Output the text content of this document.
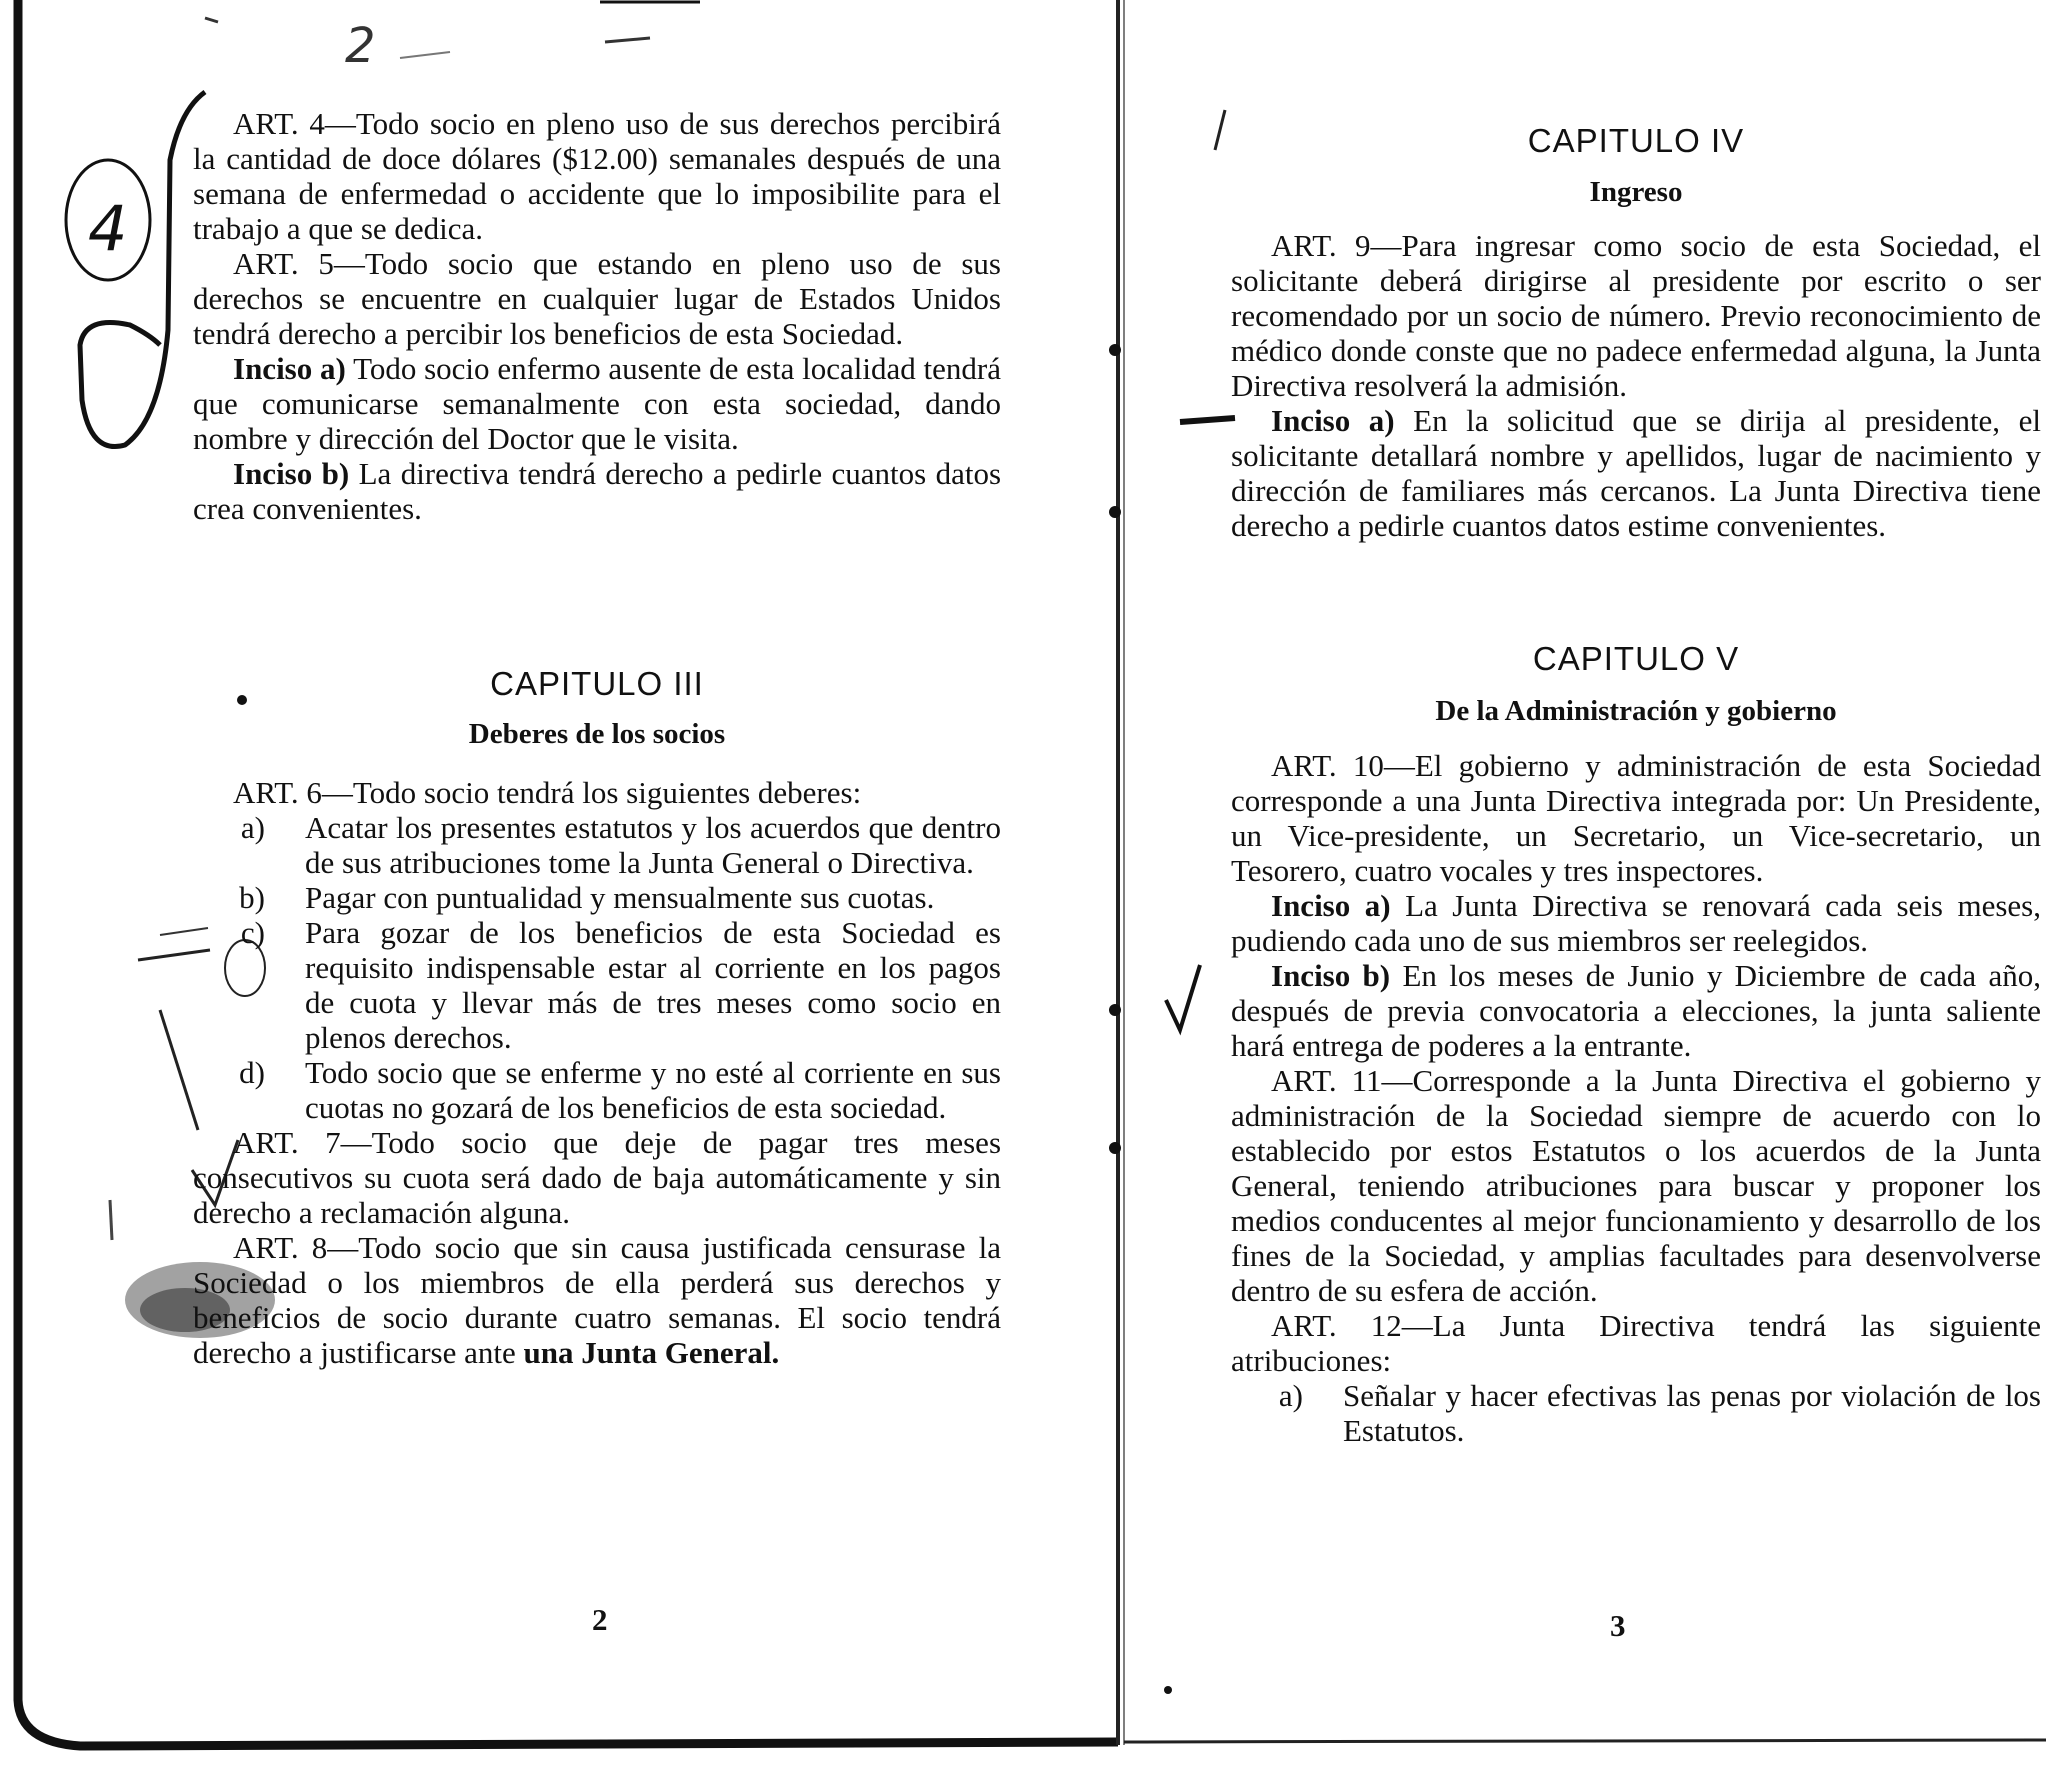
4
2

ART. 4—Todo socio en pleno uso de sus derechos percibirá la cantidad de doce dólares ($12.00) semanales después de una semana de enfermedad o accidente que lo imposibilite para el trabajo a que se dedica.

ART. 5—Todo socio que estando en pleno uso de sus derechos se encuentre en cualquier lugar de Estados Unidos tendrá derecho a percibir los beneficios de esta Sociedad.

Inciso a) Todo socio enfermo ausente de esta localidad tendrá que comunicarse semanalmente con esta sociedad, dando nombre y dirección del Doctor que le visita.

Inciso b) La directiva tendrá derecho a pedirle cuantos datos crea convenientes.

CAPITULO III

Deberes de los socios

ART. 6—Todo socio tendrá los siguientes deberes:

a)	Acatar los presentes estatutos y los acuerdos que dentro de sus atribuciones tome la Junta General o Directiva.
b)	Pagar con puntualidad y mensualmente sus cuotas.
c)	Para gozar de los beneficios de esta Sociedad es requisito indispensable estar al corriente en los pagos de cuota y llevar más de tres meses como socio en plenos derechos.
d)	Todo socio que se enferme y no esté al corriente en sus cuotas no gozará de los beneficios de esta sociedad.

ART. 7—Todo socio que deje de pagar tres meses consecutivos su cuota será dado de baja automáticamente y sin derecho a reclamación alguna.

ART. 8—Todo socio que sin causa justificada censurase la Sociedad o los miembros de ella perderá sus derechos y beneficios de socio durante cuatro semanas. El socio tendrá derecho a justificarse ante una Junta General.

2

CAPITULO IV

Ingreso

ART. 9—Para ingresar como socio de esta Sociedad, el solicitante deberá dirigirse al presidente por escrito o ser recomendado por un socio de número. Previo reconocimiento de médico donde conste que no padece enfermedad alguna, la Junta Directiva resolverá la admisión.

Inciso a) En la solicitud que se dirija al presidente, el solicitante detallará nombre y apellidos, lugar de nacimiento y dirección de familiares más cercanos. La Junta Directiva tiene derecho a pedirle cuantos datos estime convenientes.

CAPITULO V

De la Administración y gobierno

ART. 10—El gobierno y administración de esta Sociedad corresponde a una Junta Directiva integrada por: Un Presidente, un Vice-presidente, un Secretario, un Vice-secretario, un Tesorero, cuatro vocales y tres inspectores.

Inciso a) La Junta Directiva se renovará cada seis meses, pudiendo cada uno de sus miembros ser reelegidos.

Inciso b) En los meses de Junio y Diciembre de cada año, después de previa convocatoria a elecciones, la junta saliente hará entrega de poderes a la entrante.

ART. 11—Corresponde a la Junta Directiva el gobierno y administración de la Sociedad siempre de acuerdo con lo establecido por estos Estatutos o los acuerdos de la Junta General, teniendo atribuciones para buscar y proponer los medios conducentes al mejor funcionamiento y desarrollo de los fines de la Sociedad, y amplias facultades para desenvolverse dentro de su esfera de acción.

ART. 12—La Junta Directiva tendrá las siguiente atribuciones:

a)	Señalar y hacer efectivas las penas por violación de los Estatutos.
3
